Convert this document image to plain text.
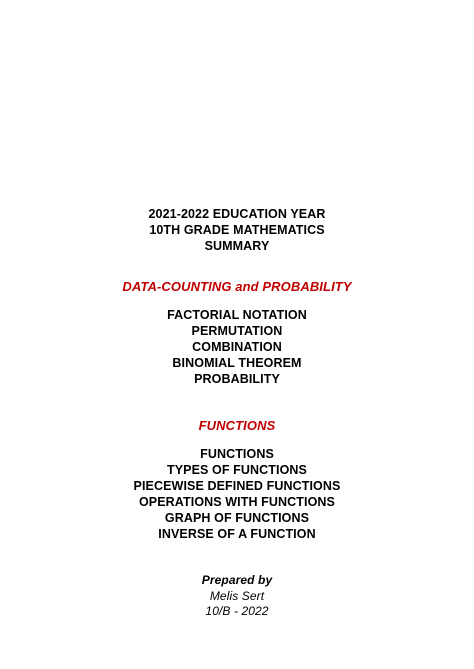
2021-2022 EDUCATION YEAR
10TH GRADE MATHEMATICS
SUMMARY
DATA-COUNTING and PROBABILITY
FACTORIAL NOTATION
PERMUTATION
COMBINATION
BINOMIAL THEOREM
PROBABILITY
FUNCTIONS
FUNCTIONS
TYPES OF FUNCTIONS
PIECEWISE DEFINED FUNCTIONS
OPERATIONS WITH FUNCTIONS
GRAPH OF FUNCTIONS
INVERSE OF A FUNCTION
Prepared by
Melis Sert
10/B - 2022
